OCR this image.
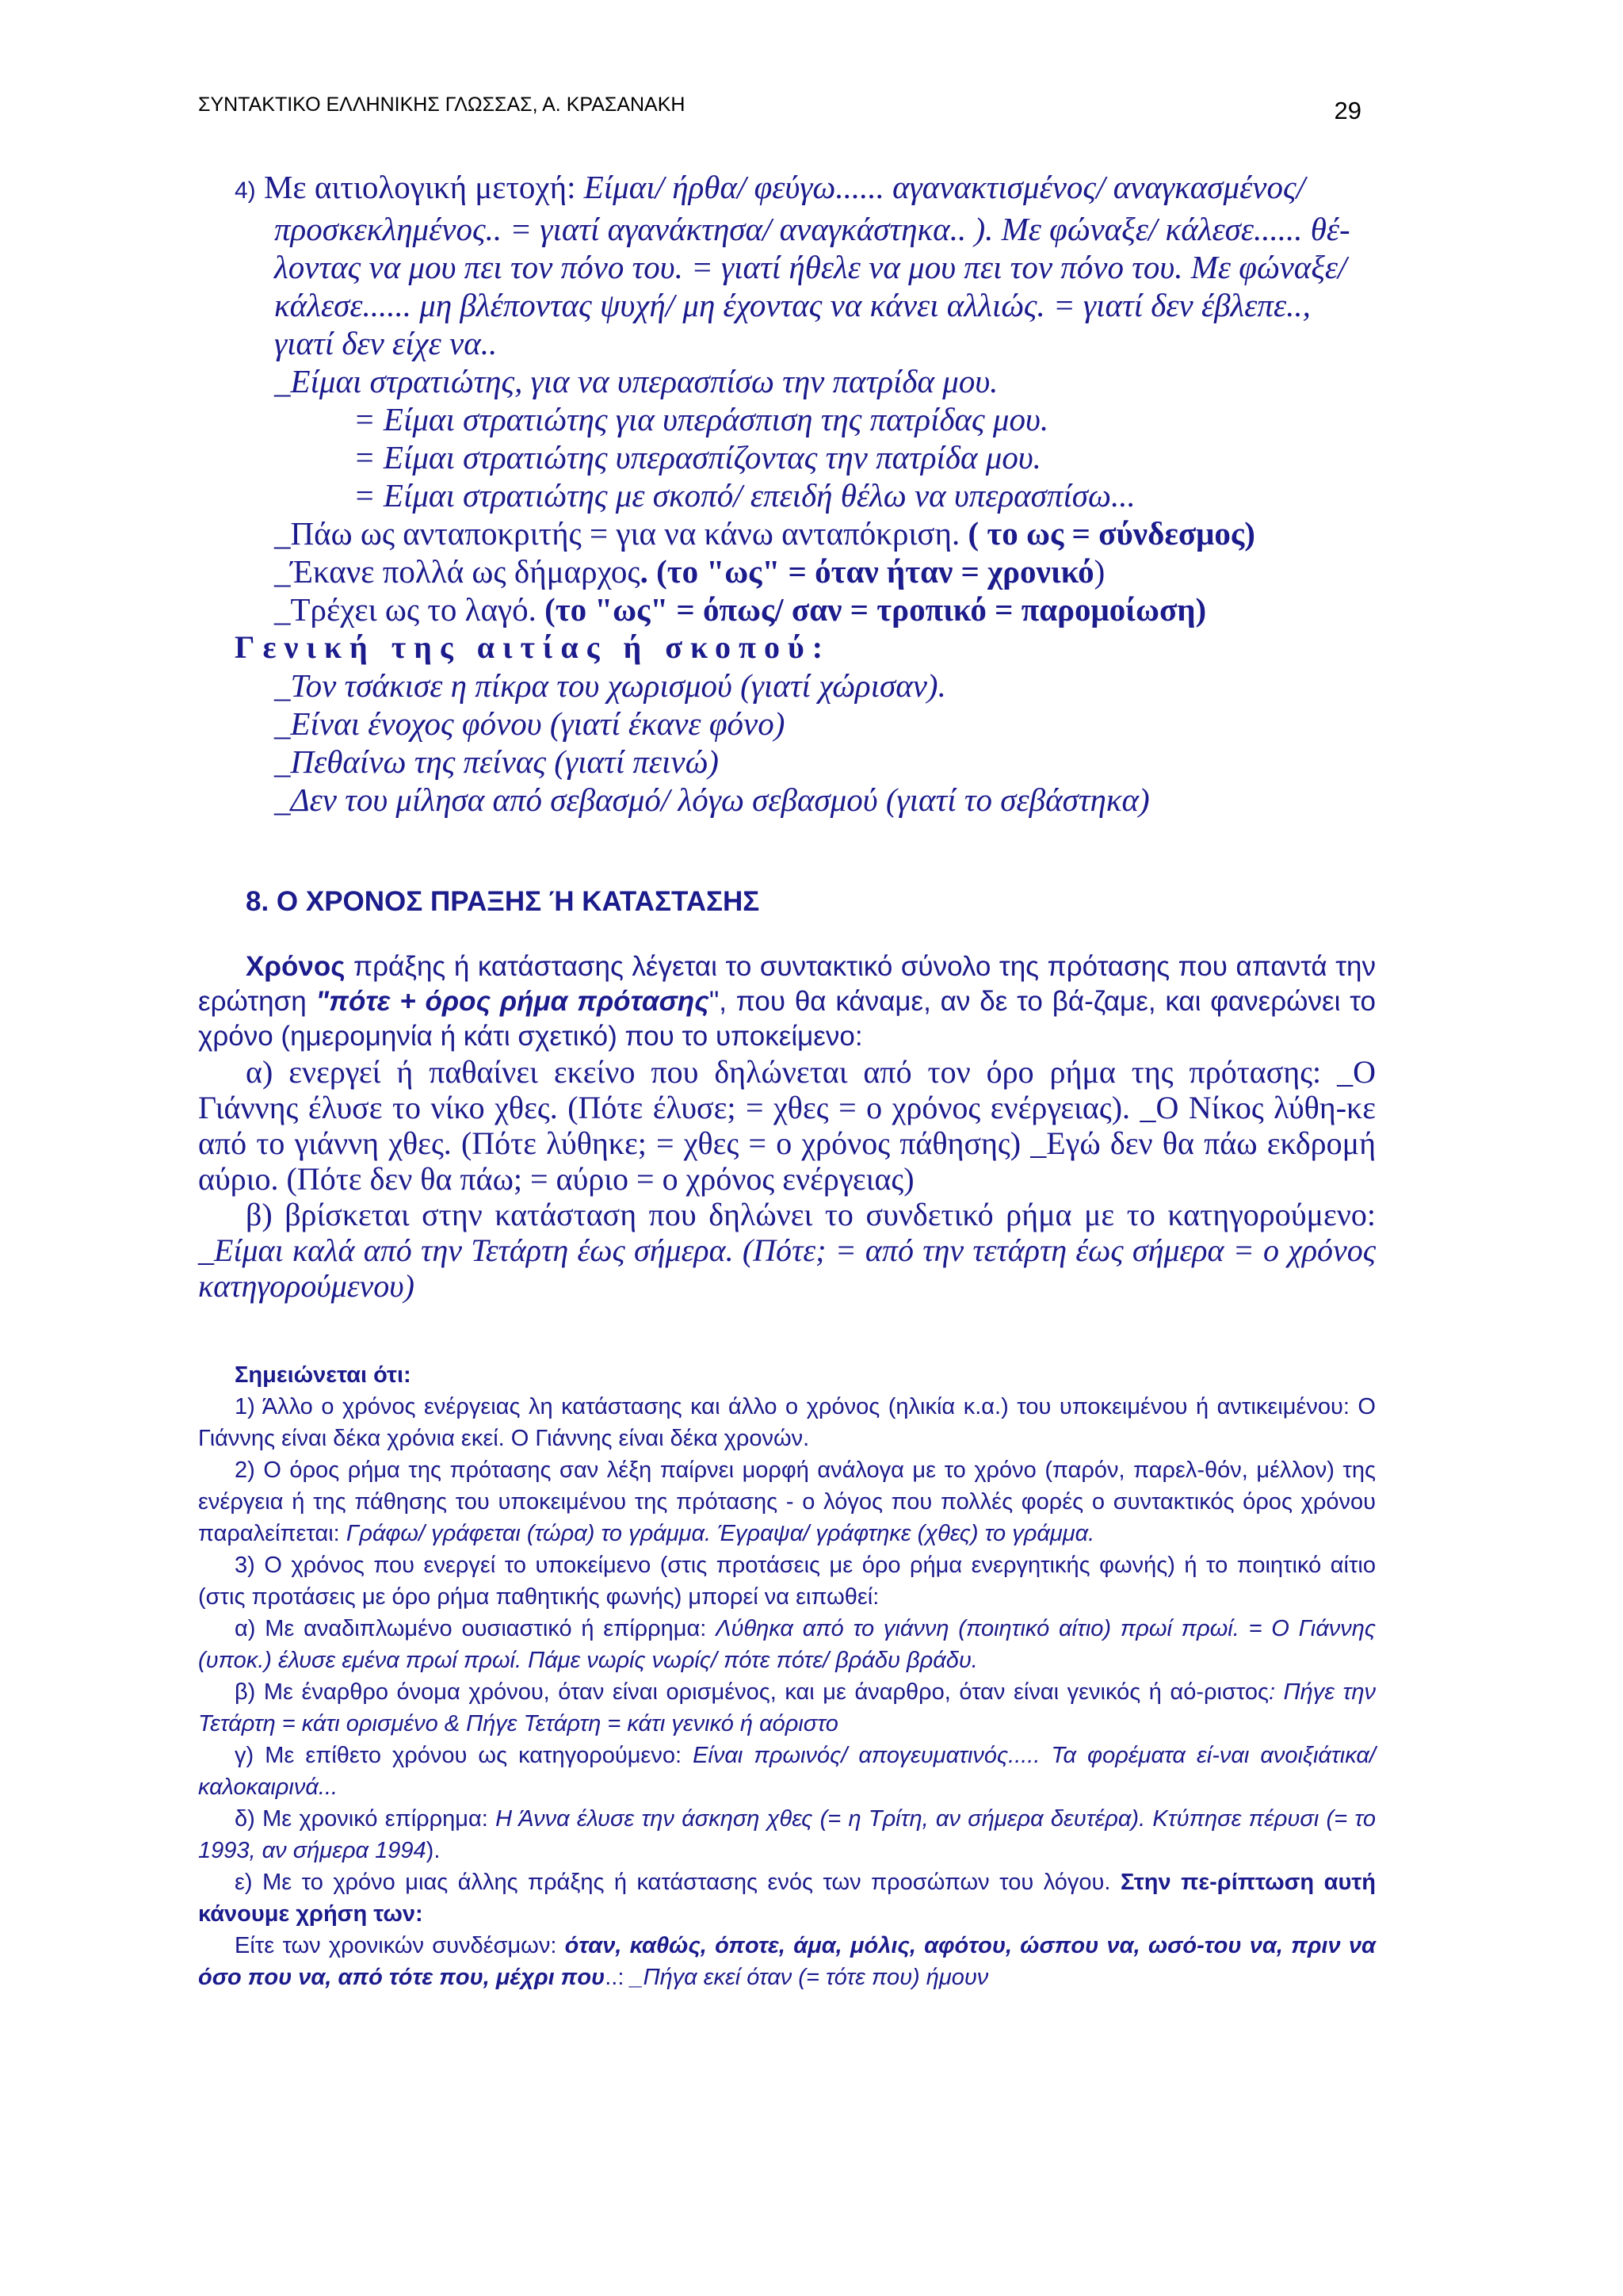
ΣΥΝΤΑΚΤΙΚΟ ΕΛΛΗΝΙΚΗΣ ΓΛΩΣΣΑΣ, Α. ΚΡΑΣΑΝΑΚΗ	29

4) Με αιτιολογική μετοχή: Είμαι/ ήρθα/ φεύγω...... αγανακτισμένος/ αναγκασμένος/

προσκεκλημένος.. = γιατί αγανάκτησα/ αναγκάστηκα.. ). Με φώναξε/ κάλεσε...... θέ-

λοντας να μου πει τον πόνο του. = γιατί ήθελε να μου πει τον πόνο του. Με φώναξε/

κάλεσε...... μη βλέποντας ψυχή/ μη έχοντας να κάνει αλλιώς. = γιατί δεν έβλεπε..,

γιατί δεν είχε να..

_Είμαι στρατιώτης, για να υπερασπίσω την πατρίδα μου.

= Είμαι στρατιώτης για υπεράσπιση της πατρίδας μου.

= Είμαι στρατιώτης υπερασπίζοντας την πατρίδα μου.

= Είμαι στρατιώτης με σκοπό/ επειδή θέλω να υπερασπίσω...

_Πάω ως ανταποκριτής = για να κάνω ανταπόκριση. ( το ως = σύνδεσμος)

_Έκανε πολλά ως δήμαρχος. (το "ως" = όταν ήταν = χρονικό)

_Τρέχει ως το λαγό. (το "ως" = όπως/ σαν = τροπικό = παρομοίωση)

Γενική της αιτίας ή σκοπού:

_Τον τσάκισε η πίκρα του χωρισμού (γιατί χώρισαν).

_Είναι ένοχος φόνου (γιατί έκανε φόνο)

_Πεθαίνω της πείνας (γιατί πεινώ)

_Δεν του μίλησα από σεβασμό/ λόγω σεβασμού (γιατί το σεβάστηκα)

8. Ο ΧΡΟΝΟΣ ΠΡΑΞΗΣ Ή ΚΑΤΑΣΤΑΣΗΣ

Χρόνος πράξης ή κατάστασης λέγεται το συντακτικό σύνολο της πρότασης που απαντά την ερώτηση "πότε + όρος ρήμα πρότασης", που θα κάναμε, αν δε το βά-ζαμε, και φανερώνει το χρόνο (ημερομηνία ή κάτι σχετικό) που το υποκείμενο:

α) ενεργεί ή παθαίνει εκείνο που δηλώνεται από τον όρο ρήμα της πρότασης: _Ο Γιάννης έλυσε το νίκο χθες. (Πότε έλυσε; = χθες = ο χρόνος ενέργειας). _Ο Νίκος λύθη-κε από το γιάννη χθες. (Πότε λύθηκε; = χθες = ο χρόνος πάθησης) _Εγώ δεν θα πάω εκδρομή αύριο. (Πότε δεν θα πάω; = αύριο = ο χρόνος ενέργειας)

β) βρίσκεται στην κατάσταση που δηλώνει το συνδετικό ρήμα με το κατηγορούμενο: _Είμαι καλά από την Τετάρτη έως σήμερα. (Πότε; = από την τετάρτη έως σήμερα = ο χρόνος κατηγορούμενου)

Σημειώνεται ότι:

1) Άλλο ο χρόνος ενέργειας λη κατάστασης και άλλο ο χρόνος (ηλικία κ.α.) του υποκειμένου ή αντικειμένου: Ο Γιάννης είναι δέκα χρόνια εκεί. Ο Γιάννης είναι δέκα χρονών.

2) Ο όρος ρήμα της πρότασης σαν λέξη παίρνει μορφή ανάλογα με το χρόνο (παρόν, παρελ-θόν, μέλλον) της ενέργεια ή της πάθησης του υποκειμένου της πρότασης - ο λόγος που πολλές φορές ο συντακτικός όρος χρόνου παραλείπεται: Γράφω/ γράφεται (τώρα) το γράμμα. Έγραψα/ γράφτηκε (χθες) το γράμμα.

3) Ο χρόνος που ενεργεί το υποκείμενο (στις προτάσεις με όρο ρήμα ενεργητικής φωνής) ή το ποιητικό αίτιο (στις προτάσεις με όρο ρήμα παθητικής φωνής) μπορεί να ειπωθεί:

α) Με αναδιπλωμένο ουσιαστικό ή επίρρημα: Λύθηκα από το γιάννη (ποιητικό αίτιο) πρωί πρωί. = Ο Γιάννης (υποκ.) έλυσε εμένα πρωί πρωί. Πάμε νωρίς νωρίς/ πότε πότε/ βράδυ βράδυ.

β) Με έναρθρο όνομα χρόνου, όταν είναι ορισμένος, και με άναρθρο, όταν είναι γενικός ή αό-ριστος: Πήγε την Τετάρτη = κάτι ορισμένο & Πήγε Τετάρτη = κάτι γενικό ή αόριστο

γ) Με επίθετο χρόνου ως κατηγορούμενο: Είναι πρωινός/ απογευματινός..... Τα φορέματα εί-ναι ανοιξιάτικα/ καλοκαιρινά...

δ) Με χρονικό επίρρημα: Η Άννα έλυσε την άσκηση χθες (= η Τρίτη, αν σήμερα δευτέρα). Κτύπησε πέρυσι (= το 1993, αν σήμερα 1994).

ε) Με το χρόνο μιας άλλης πράξης ή κατάστασης ενός των προσώπων του λόγου. Στην πε-ρίπτωση αυτή κάνουμε χρήση των:

Είτε των χρονικών συνδέσμων: όταν, καθώς, όποτε, άμα, μόλις, αφότου, ώσπου να, ωσό-του να, πριν να όσο που να, από τότε που, μέχρι που..: _Πήγα εκεί όταν (= τότε που) ήμουν
